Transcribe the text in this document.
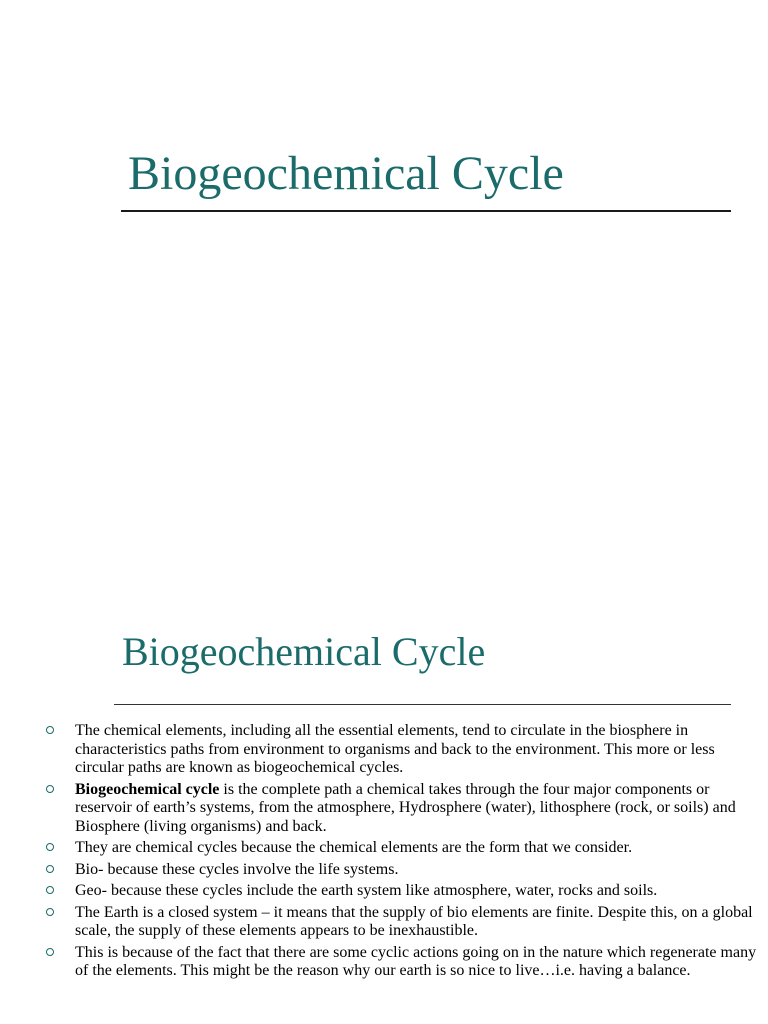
Biogeochemical Cycle
Biogeochemical Cycle
The chemical elements, including all the essential elements, tend to circulate in the biosphere in characteristics paths from environment to organisms and back to the environment. This more or less circular paths are known as biogeochemical cycles.
Biogeochemical cycle is the complete path a chemical takes through the four major components or reservoir of earth’s systems, from the atmosphere, Hydrosphere (water), lithosphere (rock, or soils) and Biosphere (living organisms) and back.
They are chemical cycles because the chemical elements are the form that we consider.
Bio- because these cycles involve the life systems.
Geo- because these cycles include the earth system like atmosphere, water, rocks and soils.
The Earth is a closed system – it means that the supply of bio elements are finite. Despite this, on a global scale, the supply of these elements appears to be inexhaustible.
This is because of the fact that there are some cyclic actions going on in the nature which regenerate many of the elements. This might be the reason why our earth is so nice to live…i.e. having a balance.
